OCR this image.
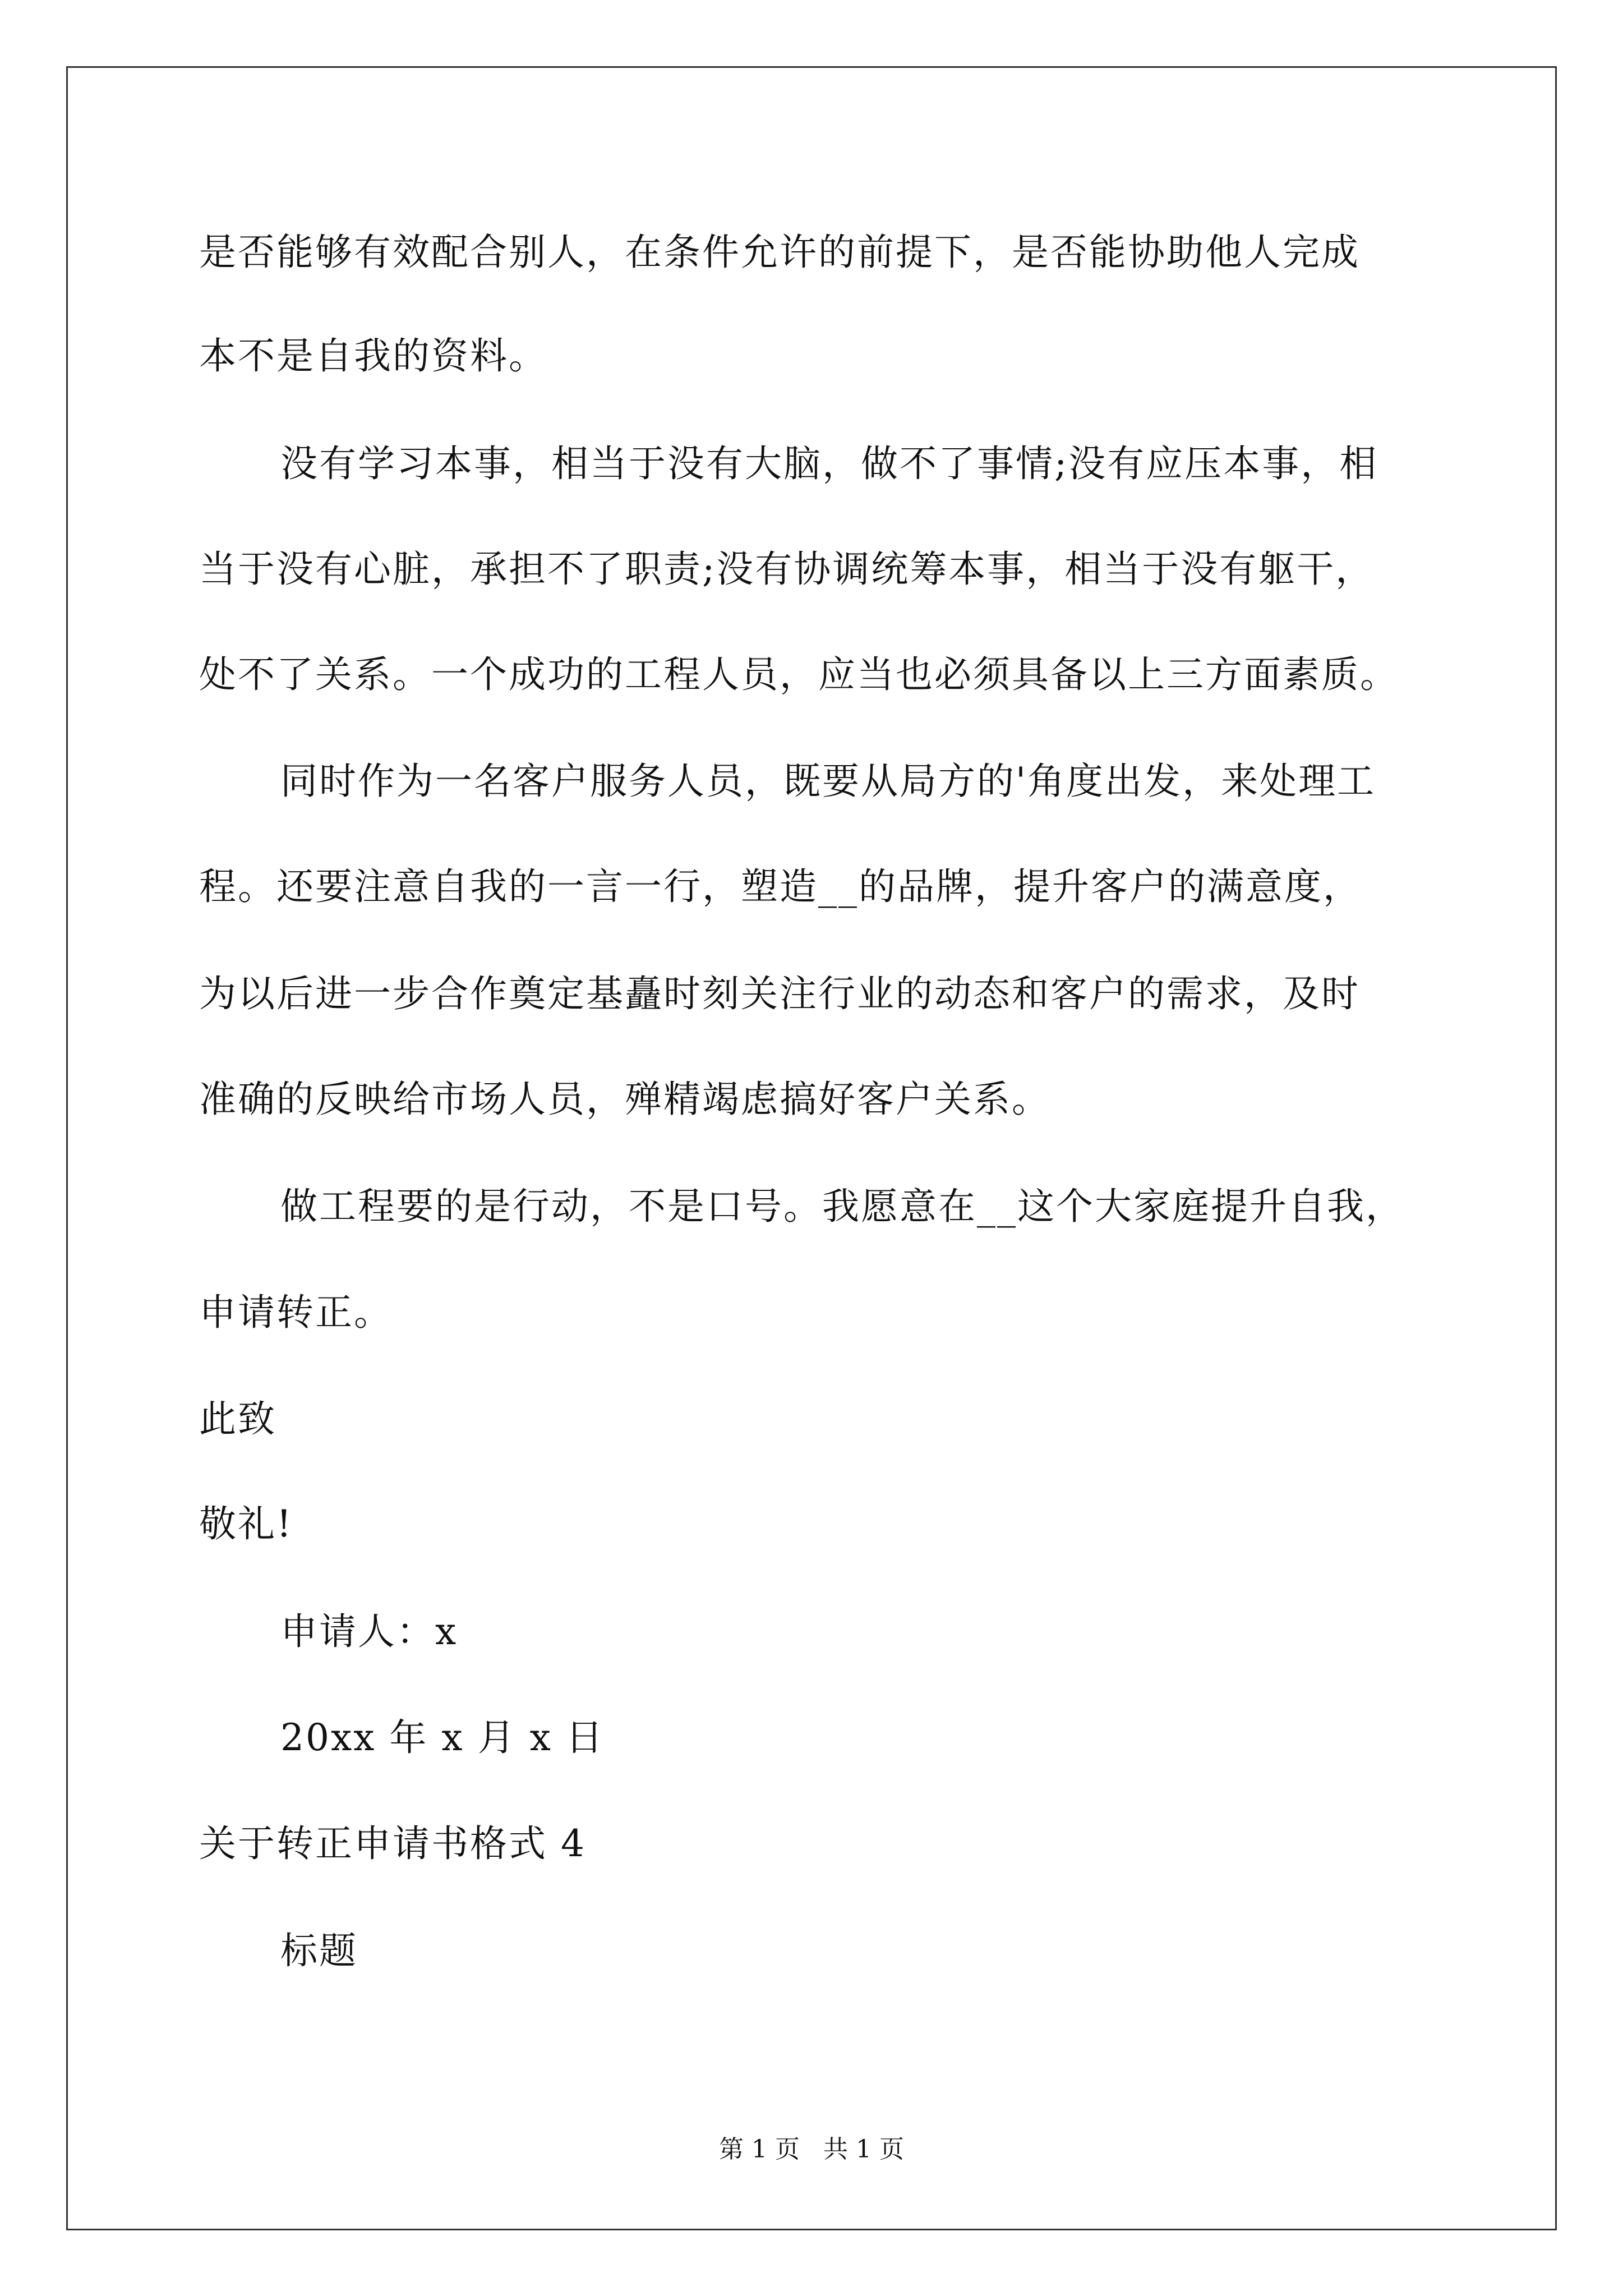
是否能够有效配合别人，在条件允许的前提下，是否能协助他人完成
本不是自我的资料。
没有学习本事，相当于没有大脑，做不了事情;没有应压本事，相
当于没有心脏，承担不了职责;没有协调统筹本事，相当于没有躯干，
处不了关系。一个成功的工程人员，应当也必须具备以上三方面素质。
同时作为一名客户服务人员，既要从局方的'角度出发，来处理工
程。还要注意自我的一言一行，塑造__的品牌，提升客户的满意度，
为以后进一步合作奠定基矗时刻关注行业的动态和客户的需求，及时
准确的反映给市场人员，殚精竭虑搞好客户关系。
做工程要的是行动，不是口号。我愿意在__这个大家庭提升自我，
申请转正。
此致
敬礼!
申请人：x
20xx 年 x 月 x 日
关于转正申请书格式 4
标题
第 1 页   共 1 页
